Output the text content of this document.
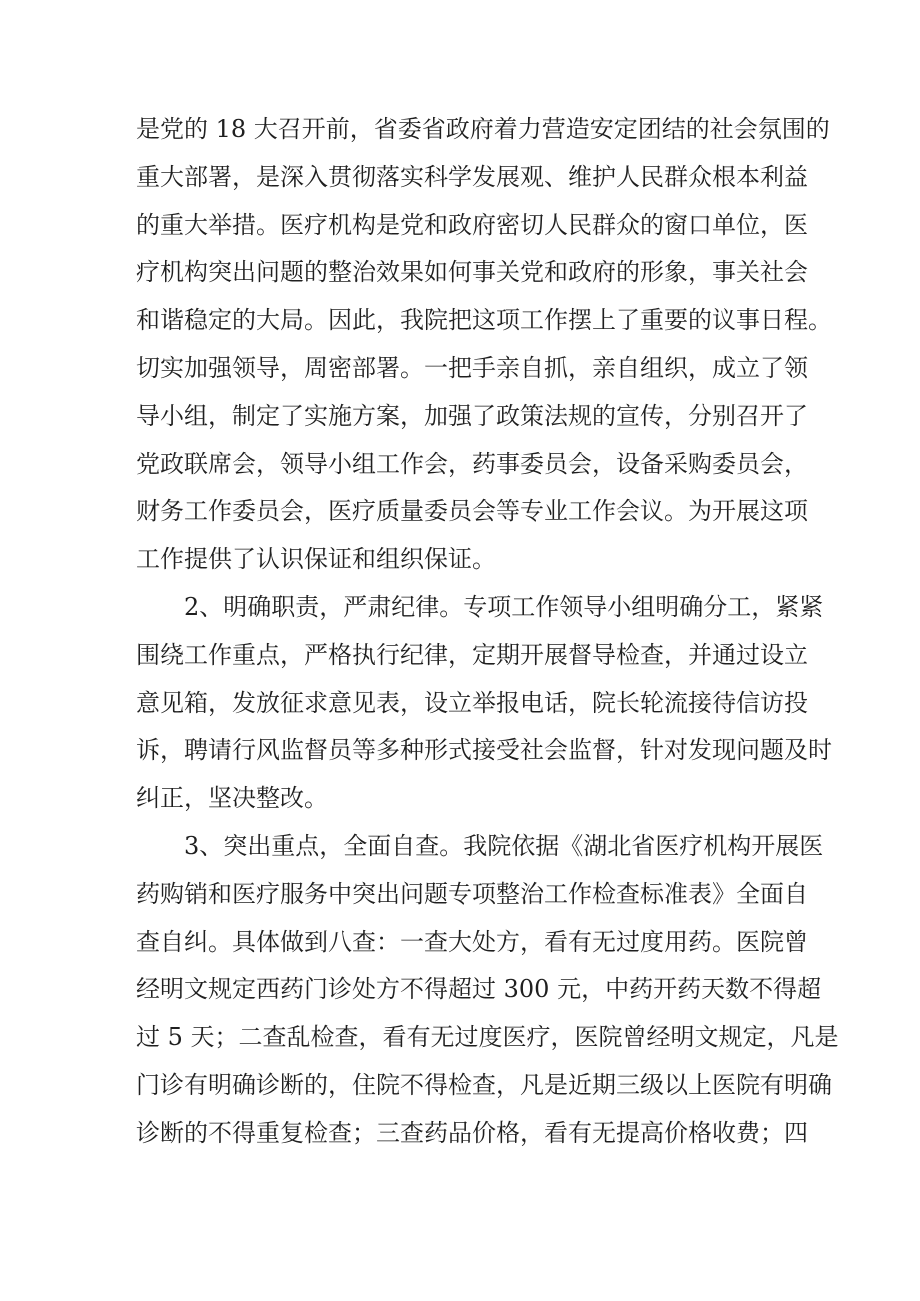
是党的 18 大召开前，省委省政府着力营造安定团结的社会氛围的
重大部署，是深入贯彻落实科学发展观、维护人民群众根本利益
的重大举措。医疗机构是党和政府密切人民群众的窗口单位，医
疗机构突出问题的整治效果如何事关党和政府的形象，事关社会
和谐稳定的大局。因此，我院把这项工作摆上了重要的议事日程。
切实加强领导，周密部署。一把手亲自抓，亲自组织，成立了领
导小组，制定了实施方案，加强了政策法规的宣传，分别召开了
党政联席会，领导小组工作会，药事委员会，设备采购委员会，
财务工作委员会，医疗质量委员会等专业工作会议。为开展这项
工作提供了认识保证和组织保证。
2、明确职责，严肃纪律。专项工作领导小组明确分工，紧紧
围绕工作重点，严格执行纪律，定期开展督导检查，并通过设立
意见箱，发放征求意见表，设立举报电话，院长轮流接待信访投
诉，聘请行风监督员等多种形式接受社会监督，针对发现问题及时
纠正，坚决整改。
3、突出重点，全面自查。我院依据《湖北省医疗机构开展医
药购销和医疗服务中突出问题专项整治工作检查标准表》全面自
查自纠。具体做到八查：一查大处方，看有无过度用药。医院曾
经明文规定西药门诊处方不得超过 300 元，中药开药天数不得超
过 5 天；二查乱检查，看有无过度医疗，医院曾经明文规定，凡是
门诊有明确诊断的，住院不得检查，凡是近期三级以上医院有明确
诊断的不得重复检查；三查药品价格，看有无提高价格收费；四
